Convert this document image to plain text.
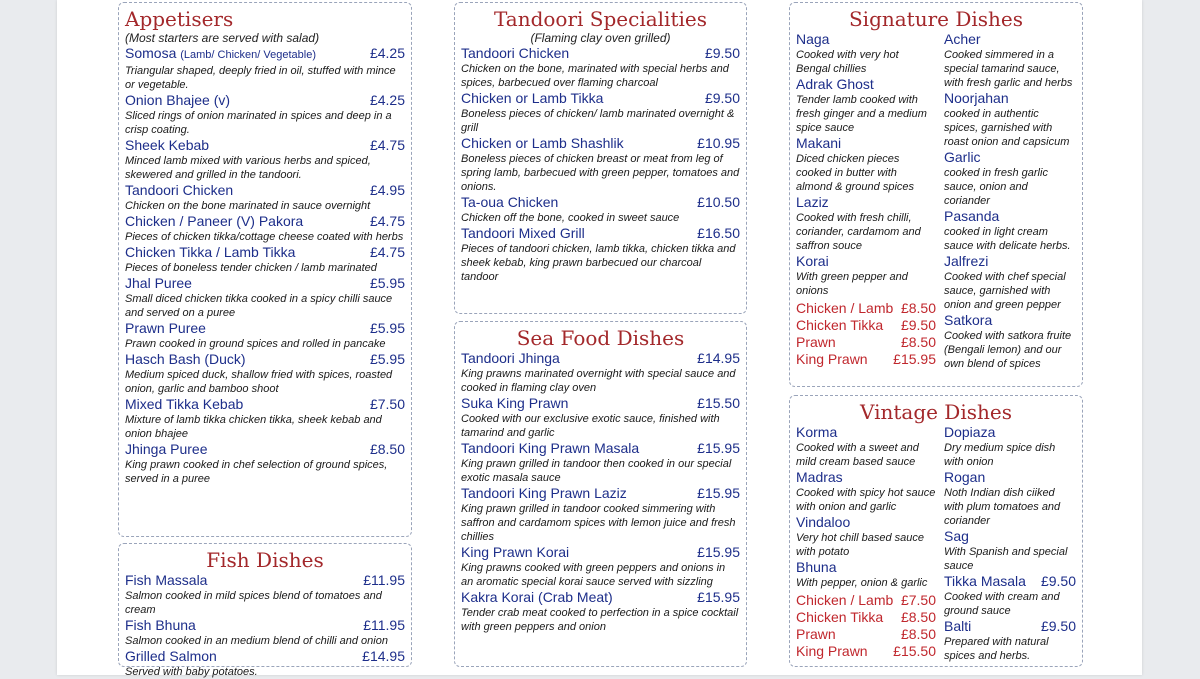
Appetisers
(Most starters are served with salad)
Somosa (Lamb/ Chicken/ Vegetable)	£4.25
Triangular shaped, deeply fried in oil, stuffed with mince or vegetable.
Onion Bhajee (v)	£4.25
Sliced rings of onion marinated in spices and deep in a crisp coating.
Sheek Kebab	£4.75
Minced lamb mixed with various herbs and spiced, skewered and grilled in the tandoori.
Tandoori Chicken	£4.95
Chicken on the bone marinated in sauce overnight
Chicken / Paneer (V) Pakora	£4.75
Pieces of chicken tikka/cottage cheese coated with herbs
Chicken Tikka / Lamb Tikka	£4.75
Pieces of boneless tender chicken / lamb marinated
Jhal Puree	£5.95
Small diced chicken tikka cooked in a spicy chilli sauce and served on a puree
Prawn Puree	£5.95
Prawn cooked in ground spices and rolled in pancake
Hasch Bash (Duck)	£5.95
Medium spiced duck, shallow fried with spices, roasted onion, garlic and bamboo shoot
Mixed Tikka Kebab	£7.50
Mixture of lamb tikka chicken tikka, sheek kebab and onion bhajee
Jhinga Puree	£8.50
King prawn cooked in chef selection of ground spices, served in a puree
Fish Dishes
Fish Massala	£11.95
Salmon cooked in mild spices blend of tomatoes and cream
Fish Bhuna	£11.95
Salmon cooked in an medium blend of chilli and onion
Grilled Salmon	£14.95
Served with baby potatoes.
Tandoori Specialities
(Flaming clay oven grilled)
Tandoori Chicken	£9.50
Chicken on the bone, marinated with special herbs and spices, barbecued over flaming charcoal
Chicken or Lamb Tikka	£9.50
Boneless pieces of chicken/ lamb marinated overnight & grill
Chicken or Lamb Shashlik	£10.95
Boneless pieces of chicken breast or meat from leg of spring lamb, barbecued with green pepper, tomatoes and onions.
Ta-oua Chicken	£10.50
Chicken off the bone, cooked in sweet sauce
Tandoori Mixed Grill	£16.50
Pieces of tandoori chicken, lamb tikka, chicken tikka and sheek kebab, king prawn barbecued our charcoal tandoor
Sea Food Dishes
Tandoori Jhinga	£14.95
King prawns marinated overnight with special sauce and cooked in flaming clay oven
Suka King Prawn	£15.50
Cooked with our exclusive exotic sauce, finished with tamarind and garlic
Tandoori King Prawn Masala	£15.95
King prawn grilled in tandoor then cooked in our special exotic masala sauce
Tandoori King Prawn Laziz	£15.95
King prawn grilled in tandoor cooked simmering with saffron and cardamom spices with lemon juice and fresh chillies
King Prawn Korai	£15.95
King prawns cooked with green peppers and onions in an aromatic special korai sauce served with sizzling
Kakra Korai (Crab Meat)	£15.95
Tender crab meat cooked to perfection in a spice cocktail with green peppers and onion
Signature Dishes
Naga
Cooked with very hot Bengal chillies
Adrak Ghost
Tender lamb cooked with fresh ginger and a medium spice sauce
Makani
Diced chicken pieces cooked in butter with almond & ground spices
Laziz
Cooked with fresh chilli, coriander, cardamom and saffron souce
Korai
With green pepper and onions
Chicken / Lamb £8.50
Chicken Tikka £9.50
Prawn	£8.50
King Prawn £15.95
Acher
Cooked simmered in a special tamarind sauce, with fresh garlic and herbs
Noorjahan
cooked in authentic spices, garnished with roast onion and capsicum
Garlic
cooked in fresh garlic sauce, onion and coriander
Pasanda
cooked in light cream sauce with delicate herbs.
Jalfrezi
Cooked with chef special sauce, garnished with onion and green pepper
Satkora
Cooked with satkora fruite (Bengali lemon) and our own blend of spices
Vintage Dishes
Korma
Cooked with a sweet and mild cream based sauce
Madras
Cooked with spicy hot sauce with onion and garlic
Vindaloo
Very hot chill based sauce with potato
Bhuna
With pepper, onion & garlic
Chicken / Lamb £7.50
Chicken Tikka £8.50
Prawn	£8.50
King Prawn £15.50
Dopiaza
Dry medium spice dish with onion
Rogan
Noth Indian dish ciiked with plum tomatoes and coriander
Sag
With Spanish and special sauce
Tikka Masala £9.50
Cooked with cream and ground sauce
Balti	£9.50
Prepared with natural spices and herbs.
